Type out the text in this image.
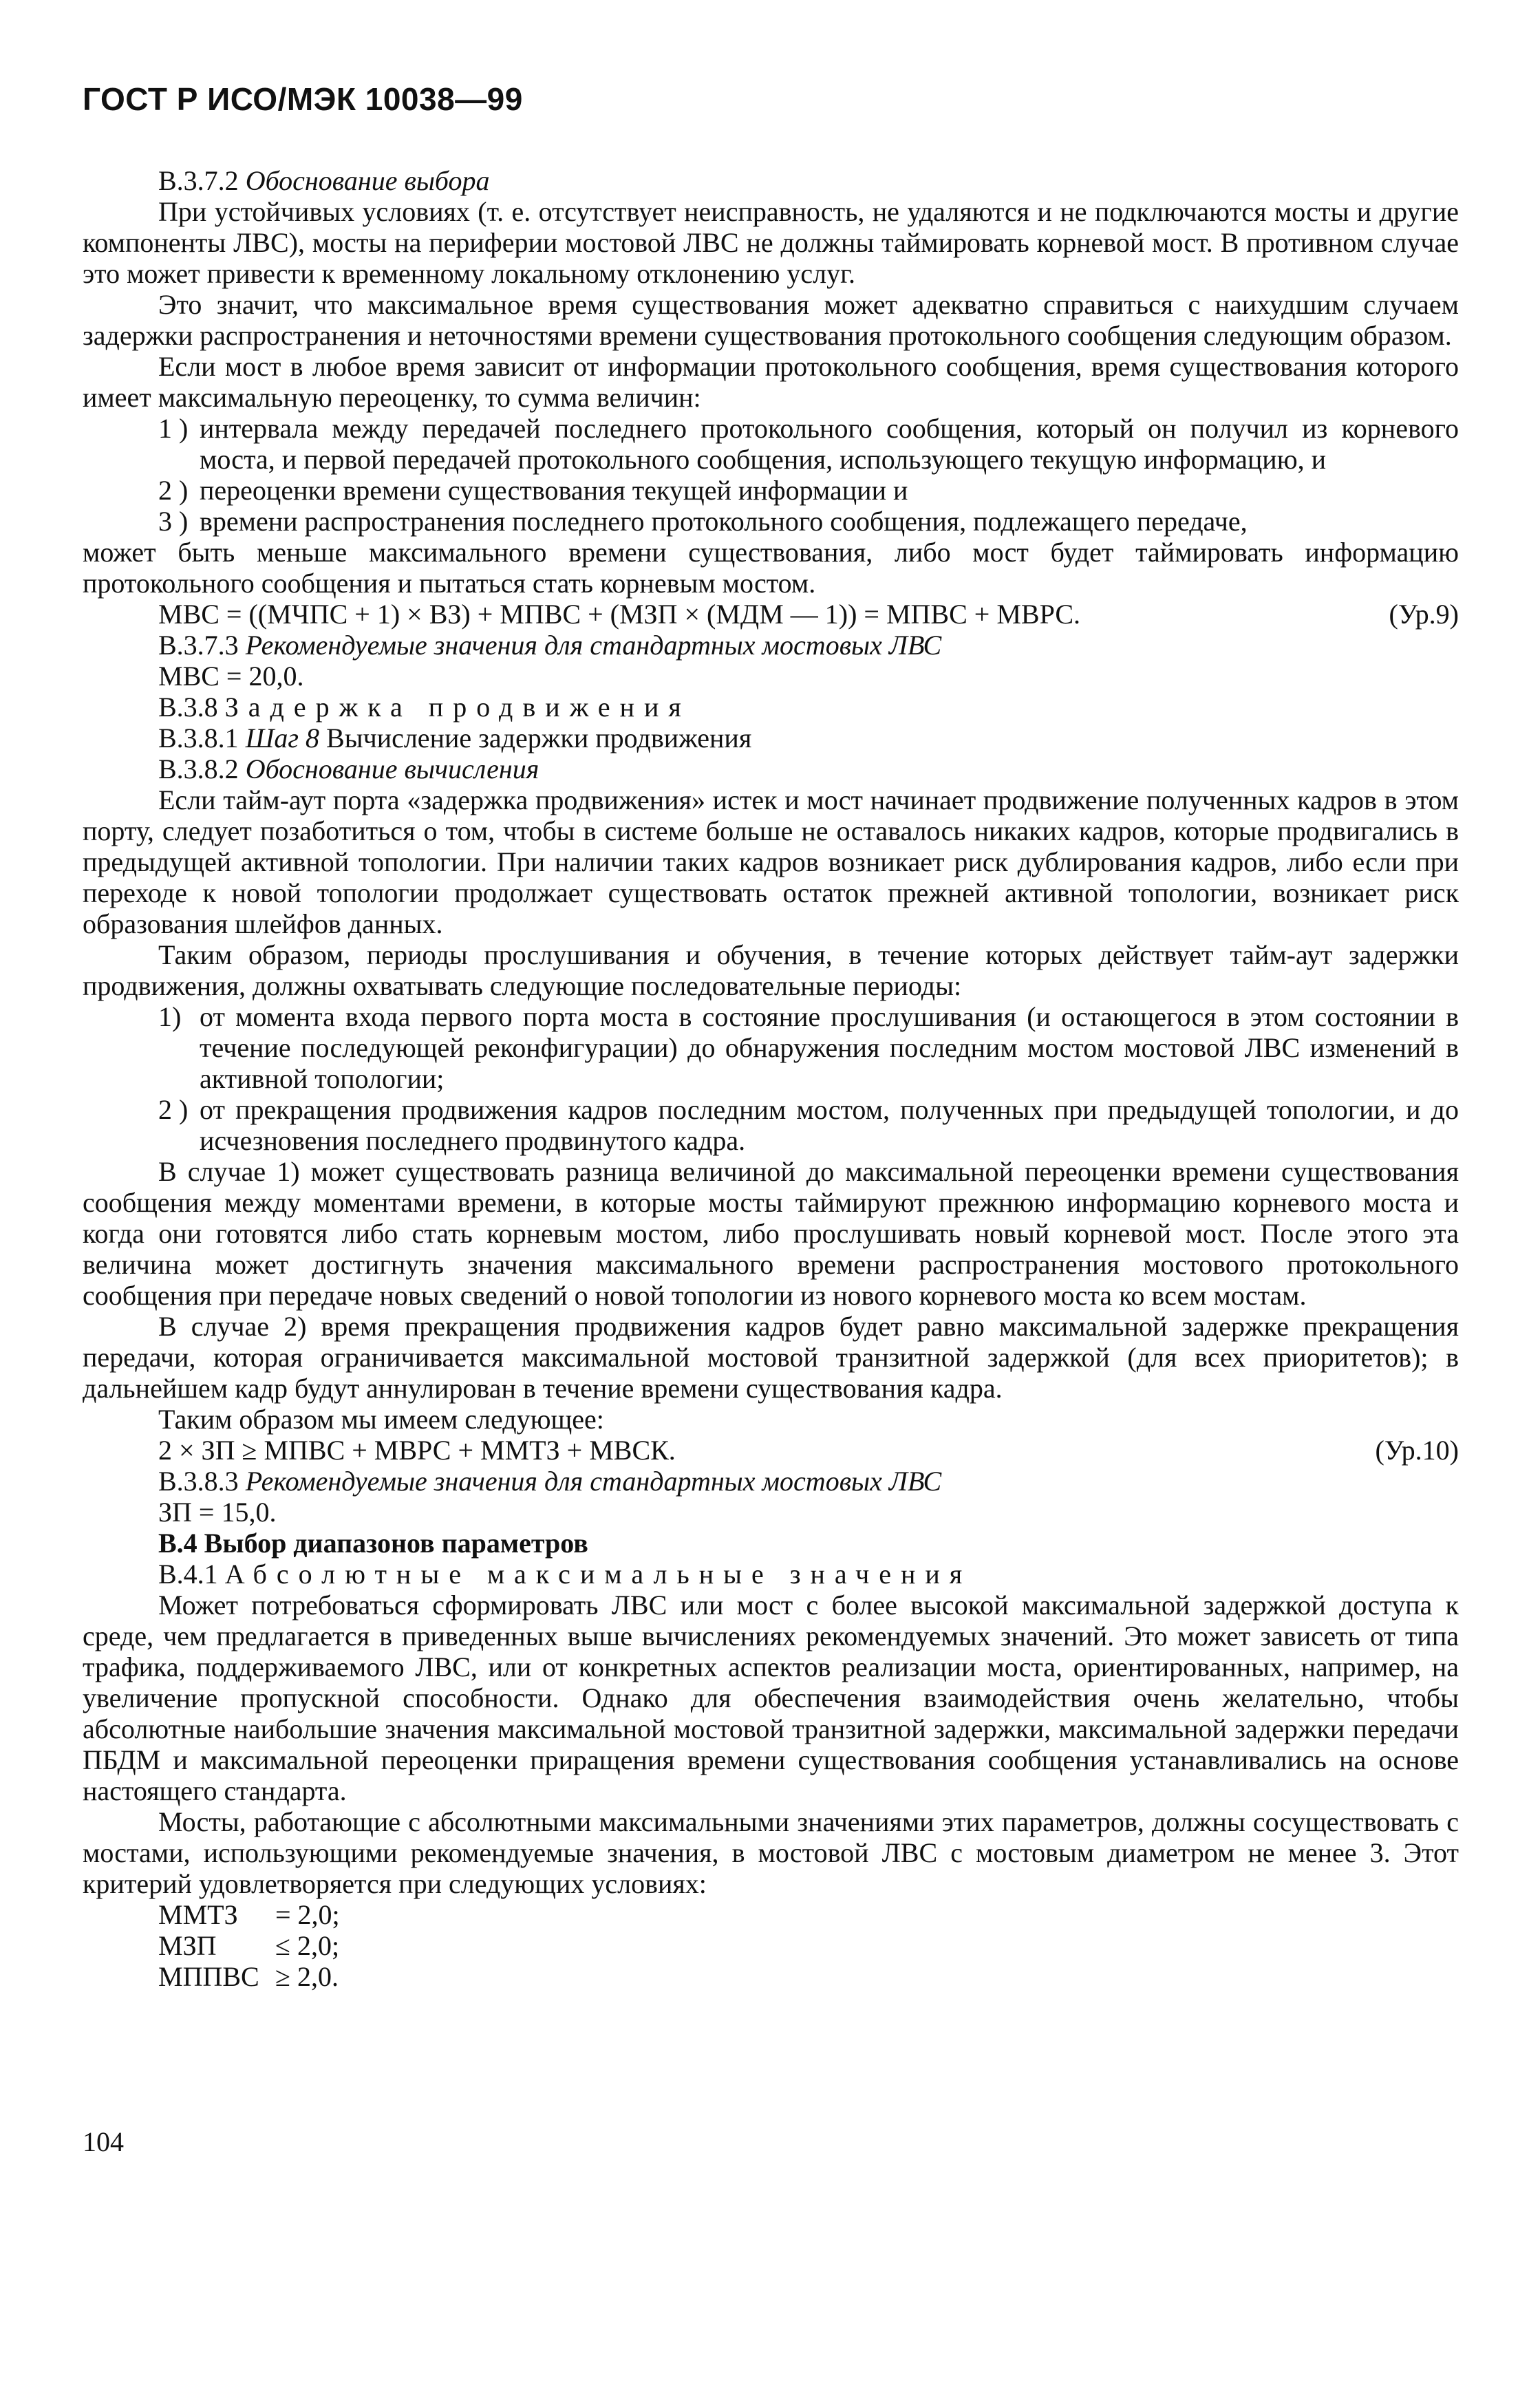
ГОСТ Р ИСО/МЭК 10038—99

B.3.7.2 Обоснование выбора

При устойчивых условиях (т. е. отсутствует неисправность, не удаляются и не подключаются мосты и другие компоненты ЛВС), мосты на периферии мостовой ЛВС не должны таймировать корневой мост. В противном случае это может привести к временному локальному отклонению услуг.

Это значит, что максимальное время существования может адекватно справиться с наихудшим случаем задержки распространения и неточностями времени существования протокольного сообщения следующим образом.

Если мост в любое время зависит от информации протокольного сообщения, время существования которого имеет максимальную переоценку, то сумма величин:

1 ) интервала между передачей последнего протокольного сообщения, который он получил из корневого моста, и первой передачей протокольного сообщения, использующего текущую информацию, и
2 ) переоценки времени существования текущей информации и
3 ) времени распространения последнего протокольного сообщения, подлежащего передаче,

может быть меньше максимального времени существования, либо мост будет таймировать информацию протокольного сообщения и пытаться стать корневым мостом.

МВС = ((МЧПС + 1) × ВЗ) + МПВС + (МЗП × (МДМ — 1)) = МПВС + МВРС.	(Ур.9)

B.3.7.3 Рекомендуемые значения для стандартных мостовых ЛВС

МВС = 20,0.

B.3.8 Задержка продвижения

B.3.8.1 Шаг 8 Вычисление задержки продвижения

B.3.8.2 Обоснование вычисления

Если тайм-аут порта «задержка продвижения» истек и мост начинает продвижение полученных кадров в этом порту, следует позаботиться о том, чтобы в системе больше не оставалось никаких кадров, которые продвигались в предыдущей активной топологии. При наличии таких кадров возникает риск дублирования кадров, либо если при переходе к новой топологии продолжает существовать остаток прежней активной топологии, возникает риск образования шлейфов данных.

Таким образом, периоды прослушивания и обучения, в течение которых действует тайм-аут задержки продвижения, должны охватывать следующие последовательные периоды:

1) от момента входа первого порта моста в состояние прослушивания (и остающегося в этом состоянии в течение последующей реконфигурации) до обнаружения последним мостом мостовой ЛВС изменений в активной топологии;
2 ) от прекращения продвижения кадров последним мостом, полученных при предыдущей топологии, и до исчезновения последнего продвинутого кадра.

В случае 1) может существовать разница величиной до максимальной переоценки времени существования сообщения между моментами времени, в которые мосты таймируют прежнюю информацию корневого моста и когда они готовятся либо стать корневым мостом, либо прослушивать новый корневой мост. После этого эта величина может достигнуть значения максимального времени распространения мостового протокольного сообщения при передаче новых сведений о новой топологии из нового корневого моста ко всем мостам.

В случае 2) время прекращения продвижения кадров будет равно максимальной задержке прекращения передачи, которая ограничивается максимальной мостовой транзитной задержкой (для всех приоритетов); в дальнейшем кадр будут аннулирован в течение времени существования кадра.

Таким образом мы имеем следующее:

2 × ЗП ≥ МПВС + МВРС + ММТЗ + МВСК.	(Ур.10)

B.3.8.3 Рекомендуемые значения для стандартных мостовых ЛВС

ЗП = 15,0.

B.4 Выбор диапазонов параметров

B.4.1 Абсолютные максимальные значения

Может потребоваться сформировать ЛВС или мост с более высокой максимальной задержкой доступа к среде, чем предлагается в приведенных выше вычислениях рекомендуемых значений. Это может зависеть от типа трафика, поддерживаемого ЛВС, или от конкретных аспектов реализации моста, ориентированных, например, на увеличение пропускной способности. Однако для обеспечения взаимодействия очень желательно, чтобы абсолютные наибольшие значения максимальной мостовой транзитной задержки, максимальной задержки передачи ПБДМ и максимальной переоценки приращения времени существования сообщения устанавливались на основе настоящего стандарта.

Мосты, работающие с абсолютными максимальными значениями этих параметров, должны сосуществовать с мостами, использующими рекомендуемые значения, в мостовой ЛВС с мостовым диаметром не менее 3. Этот критерий удовлетворяется при следующих условиях:

ММТЗ	= 2,0;
МЗП	≤ 2,0;
МППВС ≥ 2,0.
104
